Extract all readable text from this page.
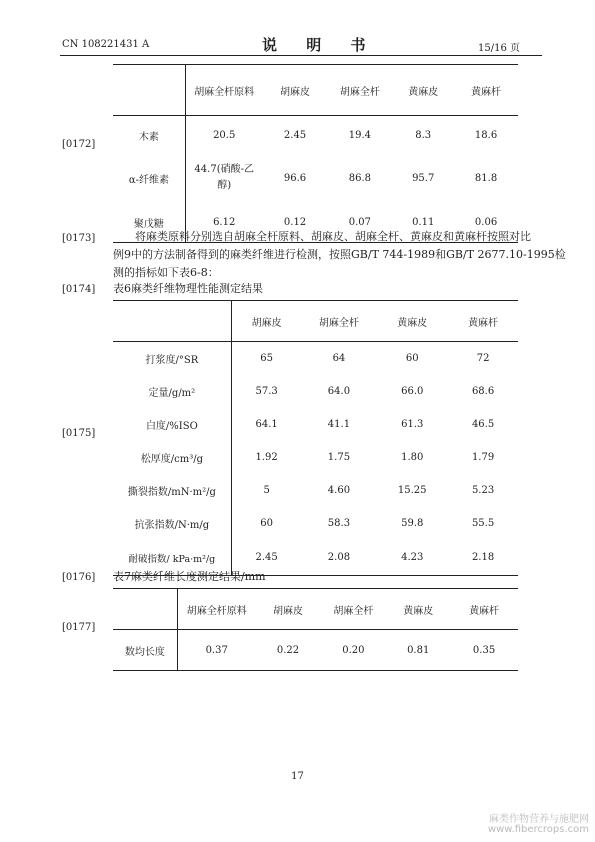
CN 108221431 A	说 明 书	15/16 页
	胡麻全杆原料	胡麻皮	胡麻全杆	黄麻皮	黄麻杆
木素	20.5	2.45	19.4	8.3	18.6
α-纤维素	44.7(硝酸-乙醇)	96.6	86.8	95.7	81.8
聚戊糖	6.12	0.12	0.07	0.11	0.06
[0172]
[0173]	将麻类原料分别选自胡麻全杆原料、胡麻皮、胡麻全杆、黄麻皮和黄麻杆按照对比
例9中的方法制备得到的麻类纤维进行检测，按照GB/T 744-1989和GB/T 2677.10-1995检
测的指标如下表6-8：
[0174] 表6麻类纤维物理性能测定结果
	胡麻皮	胡麻全杆	黄麻皮	黄麻杆
打浆度/°SR	65	64	60	72
定量/g/m²	57.3	64.0	66.0	68.6
白度/%ISO	64.1	41.1	61.3	46.5
松厚度/cm³/g	1.92	1.75	1.80	1.79
撕裂指数/mN·m²/g	5	4.60	15.25	5.23
抗张指数/N·m/g	60	58.3	59.8	55.5
耐破指数/ kPa·m²/g	2.45	2.08	4.23	2.18
[0175]
[0176] 表7麻类纤维长度测定结果/mm
	胡麻全杆原料	胡麻皮	胡麻全杆	黄麻皮	黄麻杆
数均长度	0.37	0.22	0.20	0.81	0.35
[0177]
17
麻类作物营养与施肥网
www.fibercrops.com
